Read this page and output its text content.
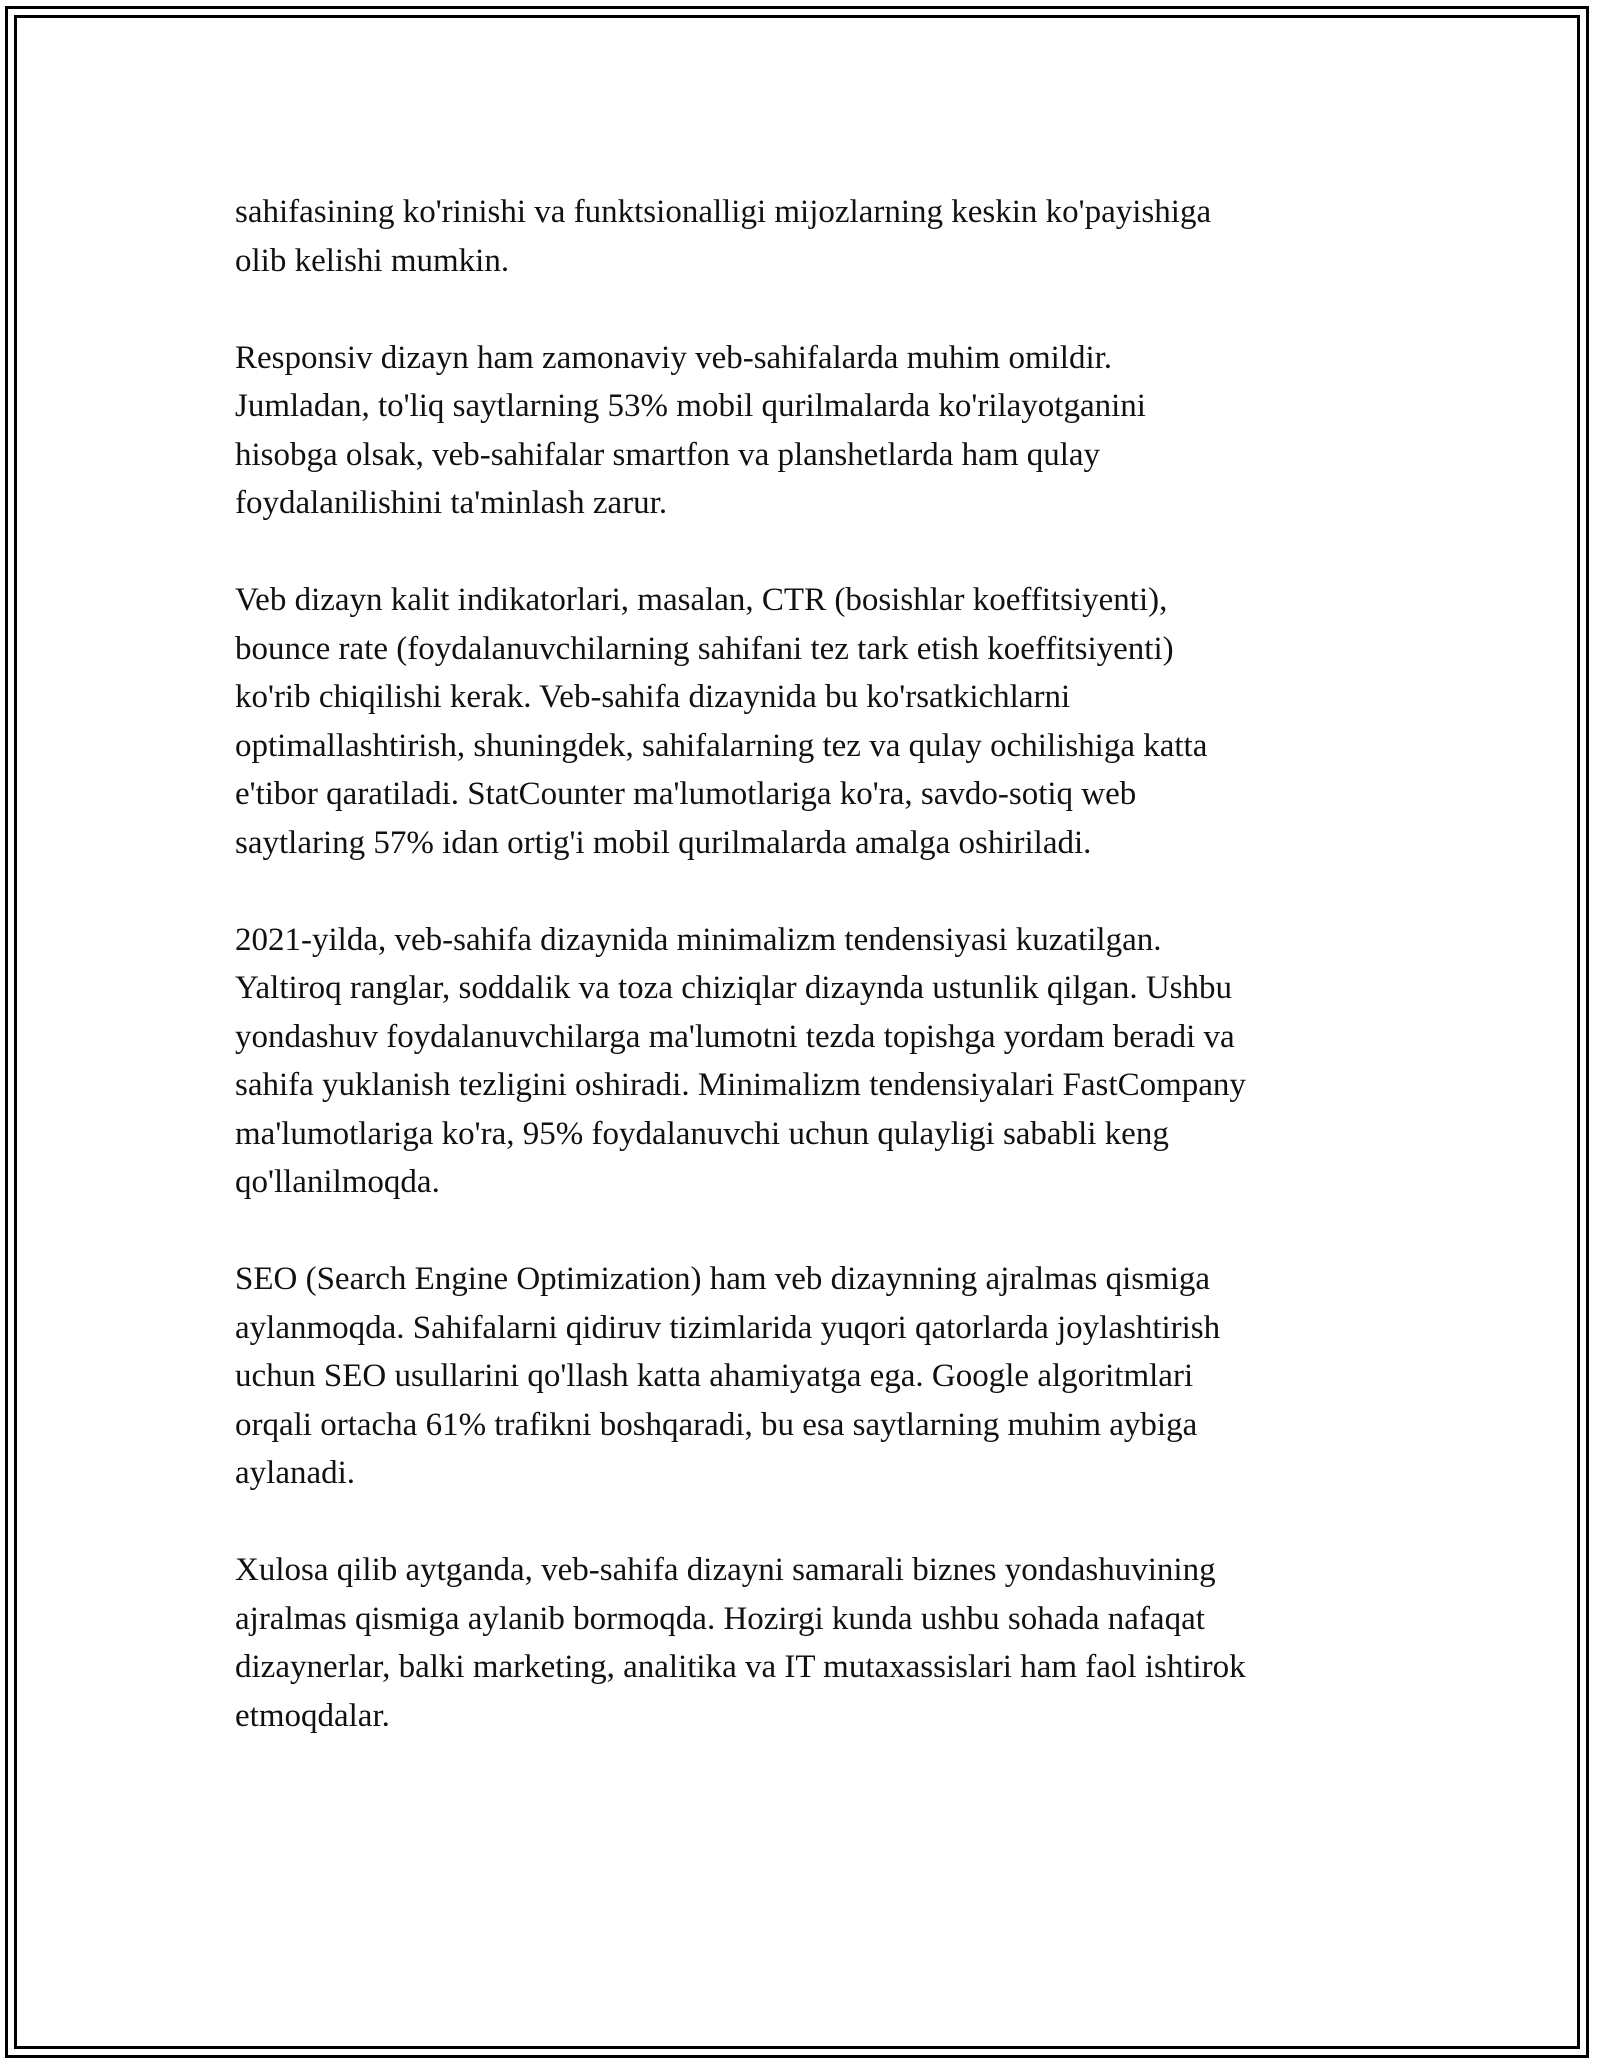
sahifasining ko'rinishi va funktsionalligi mijozlarning keskin ko'payishiga
olib kelishi mumkin.

Responsiv dizayn ham zamonaviy veb-sahifalarda muhim omildir.
Jumladan, to'liq saytlarning 53% mobil qurilmalarda ko'rilayotganini
hisobga olsak, veb-sahifalar smartfon va planshetlarda ham qulay
foydalanilishini ta'minlash zarur.

Veb dizayn kalit indikatorlari, masalan, CTR (bosishlar koeffitsiyenti),
bounce rate (foydalanuvchilarning sahifani tez tark etish koeffitsiyenti)
ko'rib chiqilishi kerak. Veb-sahifa dizaynida bu ko'rsatkichlarni
optimallashtirish, shuningdek, sahifalarning tez va qulay ochilishiga katta
e'tibor qaratiladi. StatCounter ma'lumotlariga ko'ra, savdo-sotiq web
saytlaring 57% idan ortig'i mobil qurilmalarda amalga oshiriladi.

2021-yilda, veb-sahifa dizaynida minimalizm tendensiyasi kuzatilgan.
Yaltiroq ranglar, soddalik va toza chiziqlar dizaynda ustunlik qilgan. Ushbu
yondashuv foydalanuvchilarga ma'lumotni tezda topishga yordam beradi va
sahifa yuklanish tezligini oshiradi. Minimalizm tendensiyalari FastCompany
ma'lumotlariga ko'ra, 95% foydalanuvchi uchun qulayligi sababli keng
qo'llanilmoqda.

SEO (Search Engine Optimization) ham veb dizaynning ajralmas qismiga
aylanmoqda. Sahifalarni qidiruv tizimlarida yuqori qatorlarda joylashtirish
uchun SEO usullarini qo'llash katta ahamiyatga ega. Google algoritmlari
orqali ortacha 61% trafikni boshqaradi, bu esa saytlarning muhim aybiga
aylanadi.

Xulosa qilib aytganda, veb-sahifa dizayni samarali biznes yondashuvining
ajralmas qismiga aylanib bormoqda. Hozirgi kunda ushbu sohada nafaqat
dizaynerlar, balki marketing, analitika va IT mutaxassislari ham faol ishtirok
etmoqdalar.
